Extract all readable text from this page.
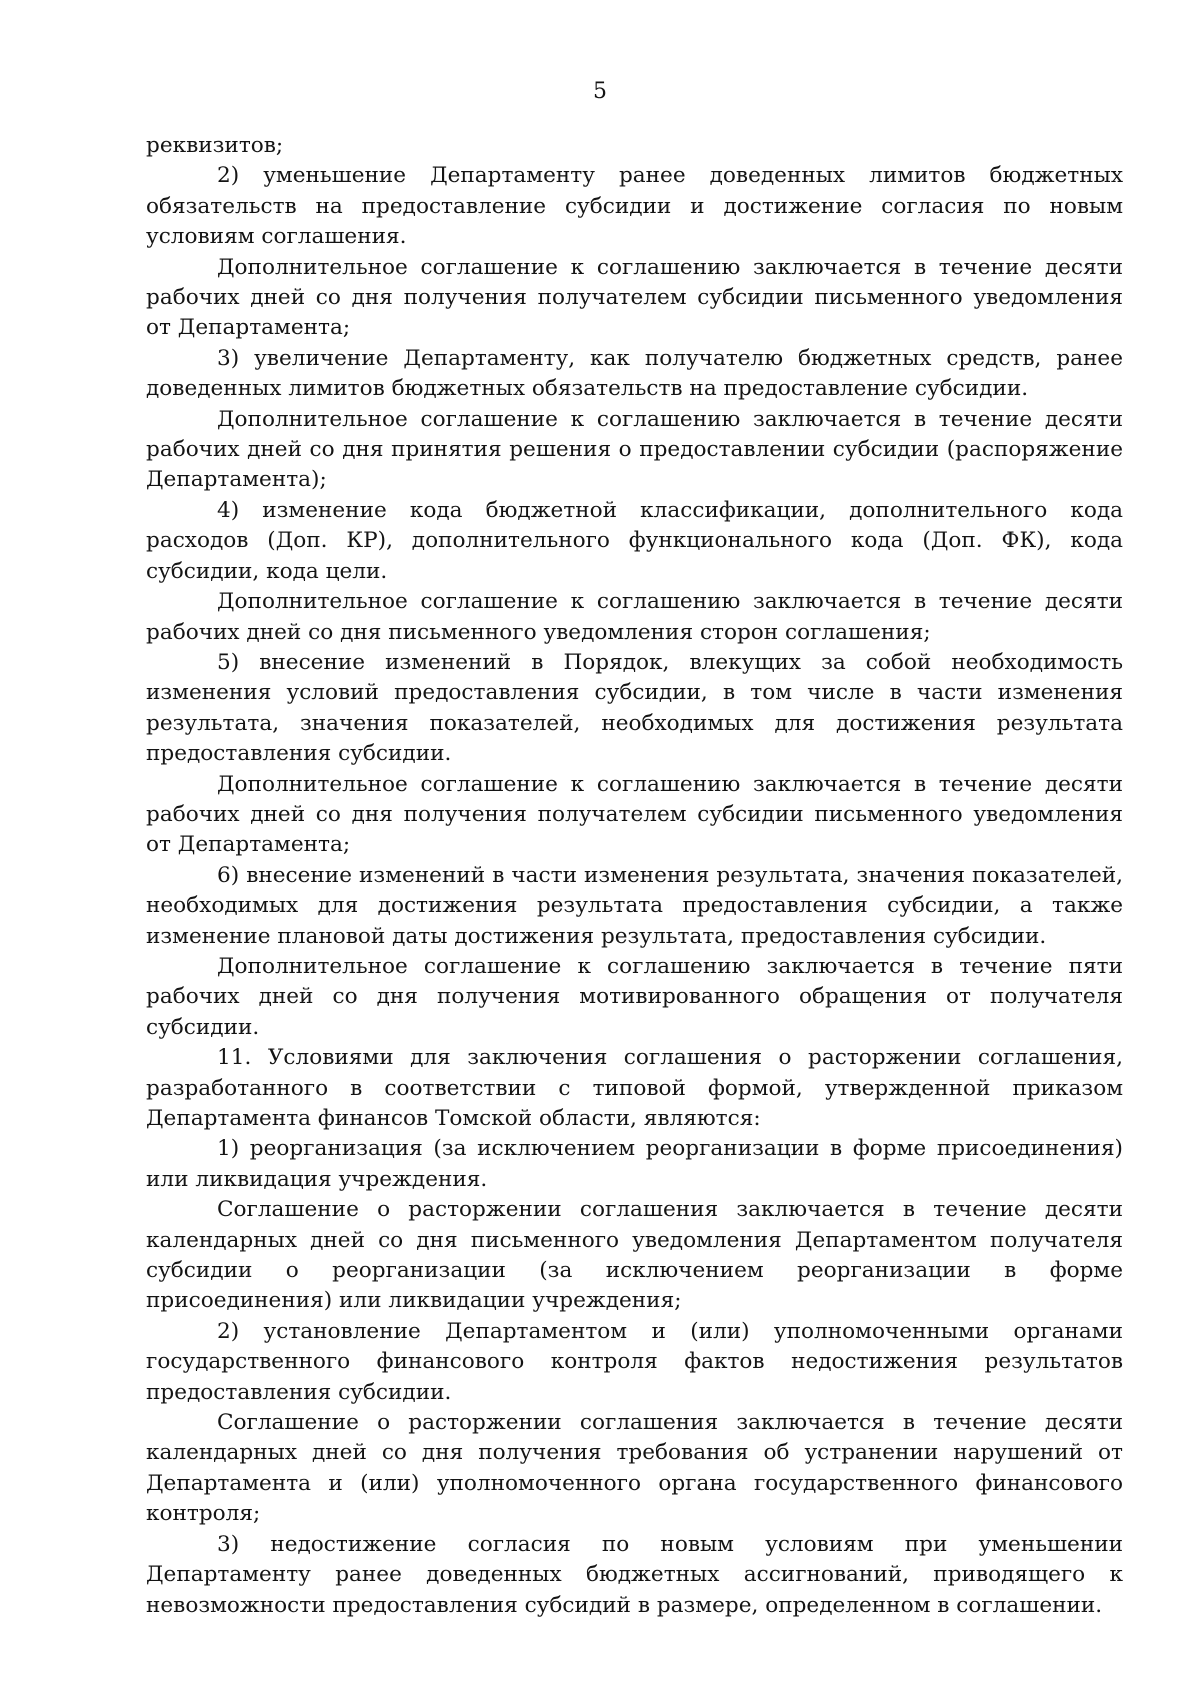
5

реквизитов;

2) уменьшение Департаменту ранее доведенных лимитов бюджетных обязательств на предоставление субсидии и достижение согласия по новым условиям соглашения.

Дополнительное соглашение к соглашению заключается в течение десяти рабочих дней со дня получения получателем субсидии письменного уведомления от Департамента;

3) увеличение Департаменту, как получателю бюджетных средств, ранее доведенных лимитов бюджетных обязательств на предоставление субсидии.

Дополнительное соглашение к соглашению заключается в течение десяти рабочих дней со дня принятия решения о предоставлении субсидии (распоряжение Департамента);

4) изменение кода бюджетной классификации, дополнительного кода расходов (Доп. КР), дополнительного функционального кода (Доп. ФК), кода субсидии, кода цели.

Дополнительное соглашение к соглашению заключается в течение десяти рабочих дней со дня письменного уведомления сторон соглашения;

5) внесение изменений в Порядок, влекущих за собой необходимость изменения условий предоставления субсидии, в том числе в части изменения результата, значения показателей, необходимых для достижения результата предоставления субсидии.

Дополнительное соглашение к соглашению заключается в течение десяти рабочих дней со дня получения получателем субсидии письменного уведомления от Департамента;

6) внесение изменений в части изменения результата, значения показателей, необходимых для достижения результата предоставления субсидии, а также изменение плановой даты достижения результата, предоставления субсидии.

Дополнительное соглашение к соглашению заключается в течение пяти рабочих дней со дня получения мотивированного обращения от получателя субсидии.

11. Условиями для заключения соглашения о расторжении соглашения, разработанного в соответствии с типовой формой, утвержденной приказом Департамента финансов Томской области, являются:

1) реорганизация (за исключением реорганизации в форме присоединения) или ликвидация учреждения.

Соглашение о расторжении соглашения заключается в течение десяти календарных дней со дня письменного уведомления Департаментом получателя субсидии о реорганизации (за исключением реорганизации в форме присоединения) или ликвидации учреждения;

2) установление Департаментом и (или) уполномоченными органами государственного финансового контроля фактов недостижения результатов предоставления субсидии.

Соглашение о расторжении соглашения заключается в течение десяти календарных дней со дня получения требования об устранении нарушений от Департамента и (или) уполномоченного органа государственного финансового контроля;

3) недостижение согласия по новым условиям при уменьшении Департаменту ранее доведенных бюджетных ассигнований, приводящего к невозможности предоставления субсидий в размере, определенном в соглашении.
